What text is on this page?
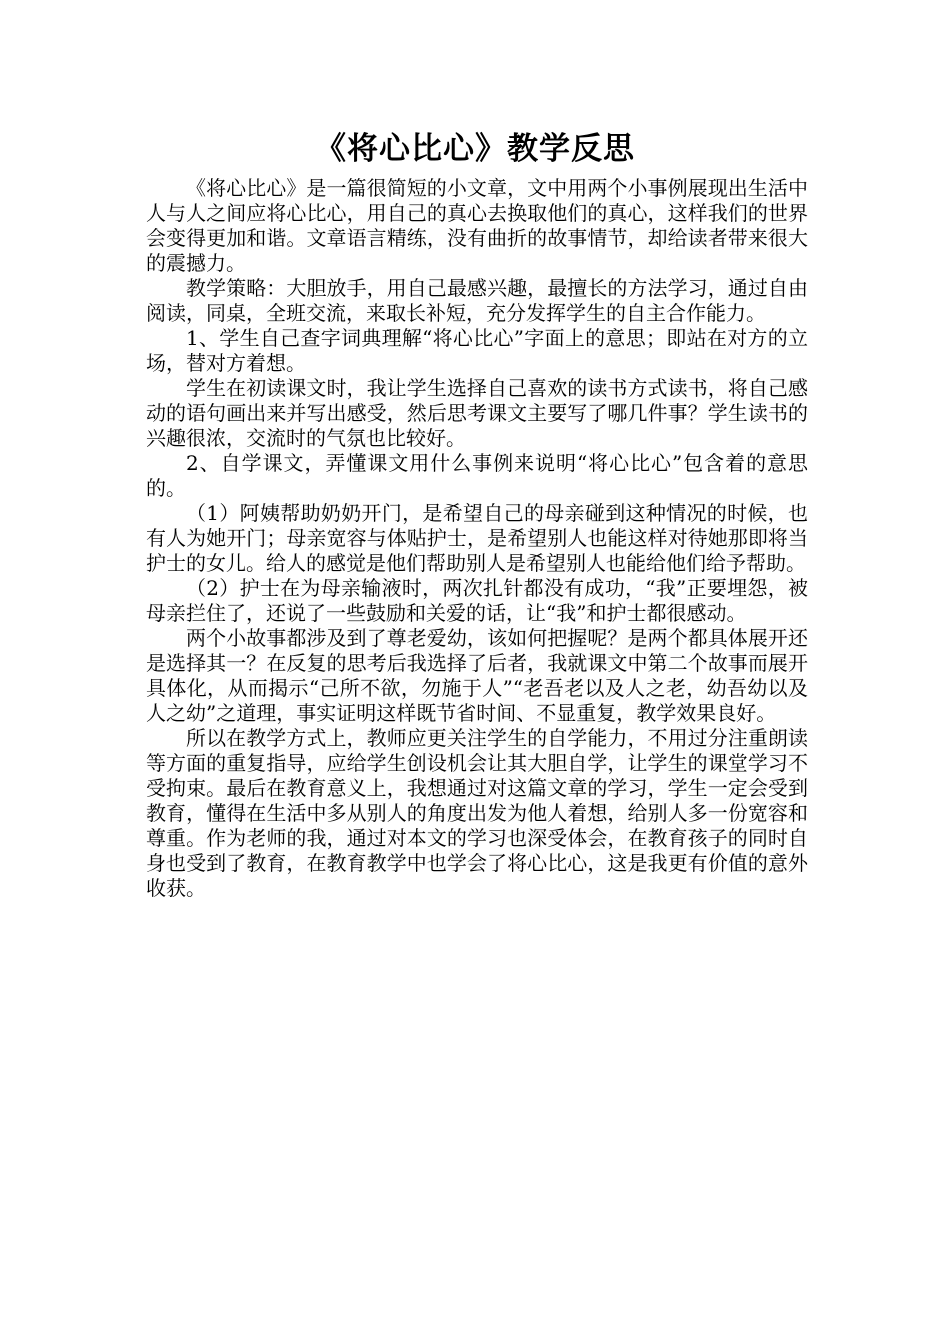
《将心比心》教学反思

《将心比心》是一篇很简短的小文章，文中用两个小事例展现出生活中人与人之间应将心比心，用自己的真心去换取他们的真心，这样我们的世界会变得更加和谐。文章语言精练，没有曲折的故事情节，却给读者带来很大的震撼力。

教学策略：大胆放手，用自己最感兴趣，最擅长的方法学习，通过自由阅读，同桌，全班交流，来取长补短，充分发挥学生的自主合作能力。

1、学生自己查字词典理解“将心比心”字面上的意思；即站在对方的立场，替对方着想。

学生在初读课文时，我让学生选择自己喜欢的读书方式读书，将自己感动的语句画出来并写出感受，然后思考课文主要写了哪几件事？学生读书的兴趣很浓，交流时的气氛也比较好。

2、自学课文，弄懂课文用什么事例来说明“将心比心”包含着的意思的。

（1）阿姨帮助奶奶开门，是希望自己的母亲碰到这种情况的时候，也有人为她开门；母亲宽容与体贴护士，是希望别人也能这样对待她那即将当护士的女儿。给人的感觉是他们帮助别人是希望别人也能给他们给予帮助。

（2）护士在为母亲输液时，两次扎针都没有成功，“我”正要埋怨，被母亲拦住了，还说了一些鼓励和关爱的话，让“我”和护士都很感动。

两个小故事都涉及到了尊老爱幼，该如何把握呢？是两个都具体展开还是选择其一？在反复的思考后我选择了后者，我就课文中第二个故事而展开具体化，从而揭示“己所不欲，勿施于人”“老吾老以及人之老，幼吾幼以及人之幼”之道理，事实证明这样既节省时间、不显重复，教学效果良好。

所以在教学方式上，教师应更关注学生的自学能力，不用过分注重朗读等方面的重复指导，应给学生创设机会让其大胆自学，让学生的课堂学习不受拘束。最后在教育意义上，我想通过对这篇文章的学习，学生一定会受到教育，懂得在生活中多从别人的角度出发为他人着想，给别人多一份宽容和尊重。作为老师的我，通过对本文的学习也深受体会，在教育孩子的同时自身也受到了教育，在教育教学中也学会了将心比心，这是我更有价值的意外收获。
